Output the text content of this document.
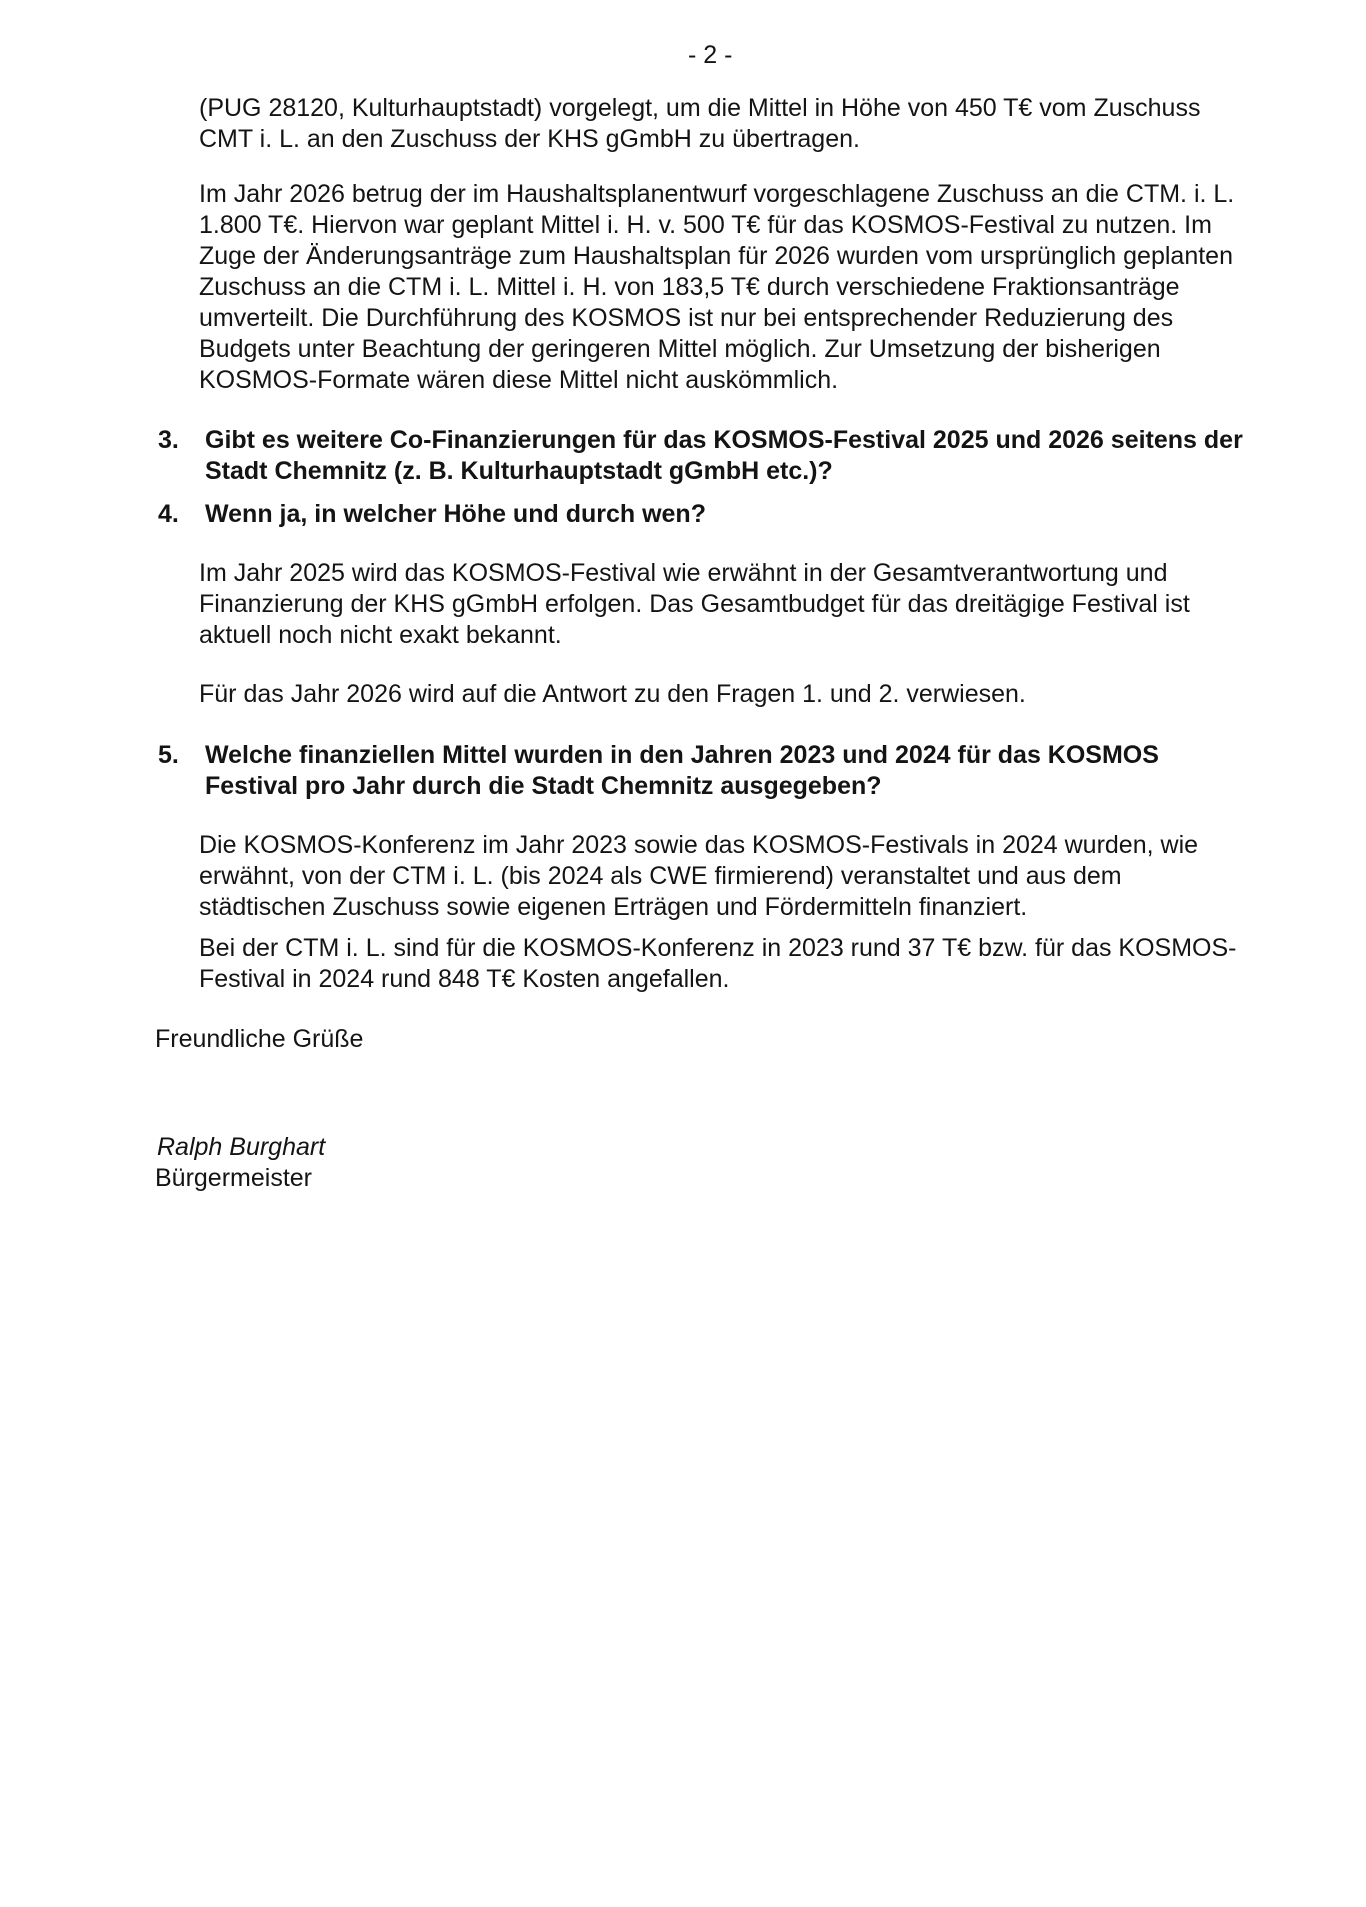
- 2 -
(PUG 28120, Kulturhauptstadt) vorgelegt, um die Mittel in Höhe von 450 T€ vom Zuschuss
CMT i. L. an den Zuschuss der KHS gGmbH zu übertragen.
Im Jahr 2026 betrug der im Haushaltsplanentwurf vorgeschlagene Zuschuss an die CTM. i. L.
1.800 T€. Hiervon war geplant Mittel i. H. v. 500 T€ für das KOSMOS-Festival zu nutzen. Im
Zuge der Änderungsanträge zum Haushaltsplan für 2026 wurden vom ursprünglich geplanten
Zuschuss an die CTM i. L. Mittel i. H. von 183,5 T€ durch verschiedene Fraktionsanträge
umverteilt. Die Durchführung des KOSMOS ist nur bei entsprechender Reduzierung des
Budgets unter Beachtung der geringeren Mittel möglich. Zur Umsetzung der bisherigen
KOSMOS-Formate wären diese Mittel nicht auskömmlich.
3.	Gibt es weitere Co-Finanzierungen für das KOSMOS-Festival 2025 und 2026 seitens der
Stadt Chemnitz (z. B. Kulturhauptstadt gGmbH etc.)?
4.	Wenn ja, in welcher Höhe und durch wen?
Im Jahr 2025 wird das KOSMOS-Festival wie erwähnt in der Gesamtverantwortung und
Finanzierung der KHS gGmbH erfolgen. Das Gesamtbudget für das dreitägige Festival ist
aktuell noch nicht exakt bekannt.
Für das Jahr 2026 wird auf die Antwort zu den Fragen 1. und 2. verwiesen.
5.	Welche finanziellen Mittel wurden in den Jahren 2023 und 2024 für das KOSMOS
Festival pro Jahr durch die Stadt Chemnitz ausgegeben?
Die KOSMOS-Konferenz im Jahr 2023 sowie das KOSMOS-Festivals in 2024 wurden, wie
erwähnt, von der CTM i. L. (bis 2024 als CWE firmierend) veranstaltet und aus dem
städtischen Zuschuss sowie eigenen Erträgen und Fördermitteln finanziert.
Bei der CTM i. L. sind für die KOSMOS-Konferenz in 2023 rund 37 T€ bzw. für das KOSMOS-
Festival in 2024 rund 848 T€ Kosten angefallen.
Freundliche Grüße
Ralph Burghart
Bürgermeister
